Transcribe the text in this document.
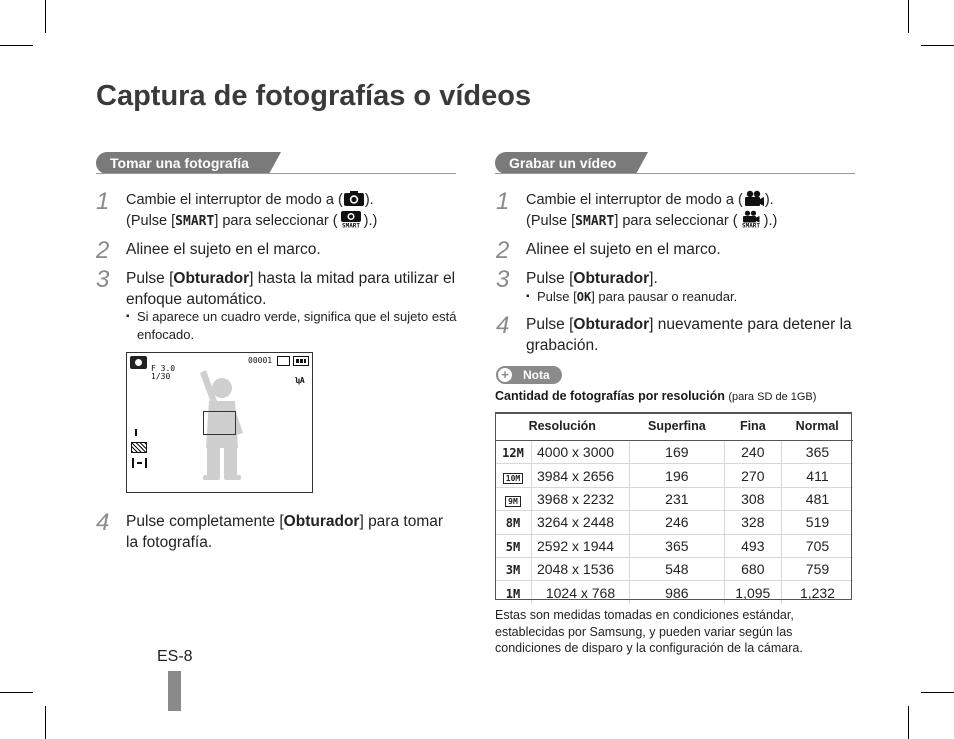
Captura de fotografías o vídeos
Tomar una fotografía
1 Cambie el interruptor de modo a ( ).
(Pulse [SMART] para seleccionar ( SMART ).)
2 Alinee el sujeto en el marco.
3 Pulse [Obturador] hasta la mitad para utilizar el enfoque automático.
▪ Si aparece un cuadro verde, significa que el sujeto está enfocado.
F 3.0
1/30
00001
ʮA
4 Pulse completamente [Obturador] para tomar la fotografía.
Grabar un vídeo
1 Cambie el interruptor de modo a ( ).
(Pulse [SMART] para seleccionar ( SMART ).)
2 Alinee el sujeto en el marco.
3 Pulse [Obturador].
▪ Pulse [OK] para pausar o reanudar.
4 Pulse [Obturador] nuevamente para detener la grabación.
+ Nota
Cantidad de fotografías por resolución (para SD de 1GB)
Resolución		Superfina	Fina	Normal
12M	4000 x 3000	169	240	365
10M	3984 x 2656	196	270	411
9M	3968 x 2232	231	308	481
8M	3264 x 2448	246	328	519
5M	2592 x 1944	365	493	705
3M	2048 x 1536	548	680	759
1M	1024 x 768	986	1,095	1,232
Estas son medidas tomadas en condiciones estándar, establecidas por Samsung, y pueden variar según las condiciones de disparo y la configuración de la cámara.
ES-8
